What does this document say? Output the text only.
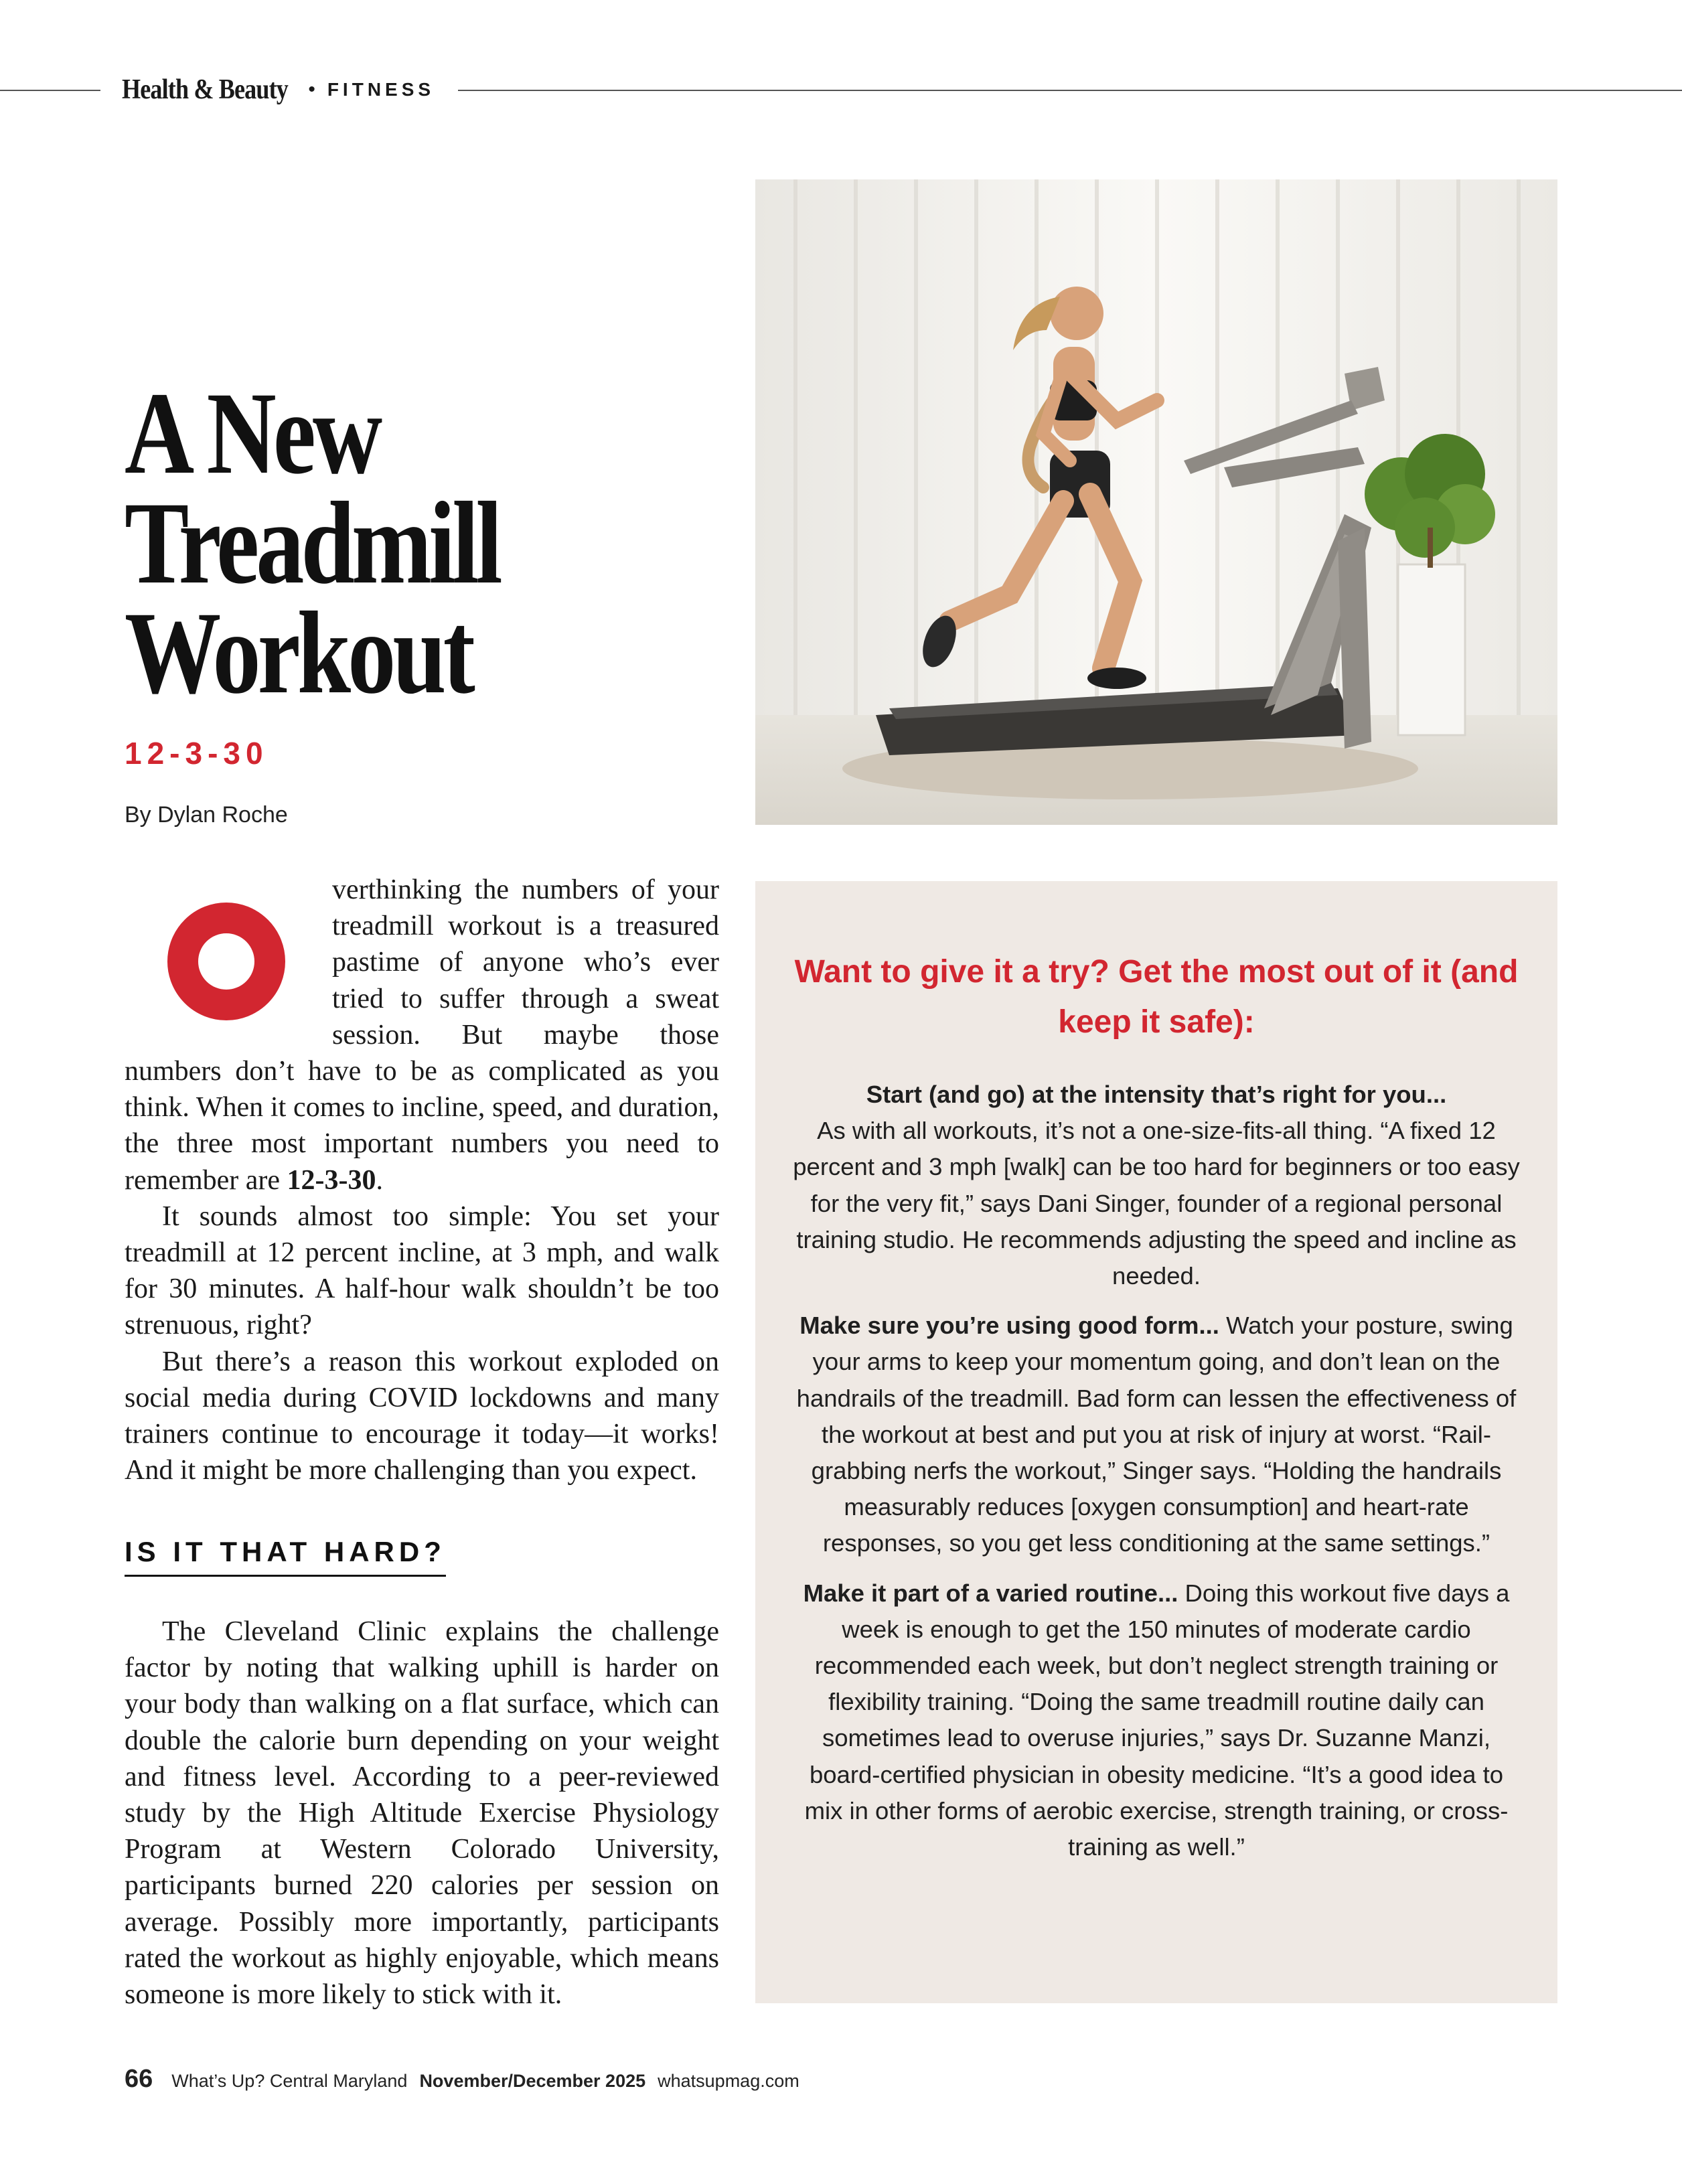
Health & Beauty • FITNESS
A New
Treadmill
Workout
12-3-30
By Dylan Roche

verthinking the numbers of your treadmill workout is a treasured pastime of anyone who’s ever tried to suffer through a sweat session. But maybe those numbers don’t have to be as complicated as you think. When it comes to incline, speed, and duration, the three most important numbers you need to remember are 12-3-30.

It sounds almost too simple: You set your treadmill at 12 percent incline, at 3 mph, and walk for 30 minutes. A half-hour walk shouldn’t be too strenuous, right?

But there’s a reason this workout exploded on social media during COVID lockdowns and many trainers continue to encourage it today—it works! And it might be more challenging than you expect.

IS IT THAT HARD?

The Cleveland Clinic explains the challenge factor by noting that walking uphill is harder on your body than walking on a flat surface, which can double the calorie burn depending on your weight and fitness level. According to a peer-reviewed study by the High Altitude Exercise Physiology Program at Western Colorado University, participants burned 220 calories per session on average. Possibly more importantly, participants rated the workout as highly enjoyable, which means someone is more likely to stick with it.

Want to give it a try? Get the most out of it (and keep it safe):

Start (and go) at the intensity that’s right for you...
As with all workouts, it’s not a one-size-fits-all thing. “A fixed 12 percent and 3 mph [walk] can be too hard for beginners or too easy for the very fit,” says Dani Singer, founder of a regional personal training studio. He recommends adjusting the speed and incline as needed.

Make sure you’re using good form... Watch your posture, swing your arms to keep your momentum going, and don’t lean on the handrails of the treadmill. Bad form can lessen the effectiveness of the workout at best and put you at risk of injury at worst. “Rail-grabbing nerfs the workout,” Singer says. “Holding the handrails measurably reduces [oxygen consumption] and heart-rate responses, so you get less conditioning at the same settings.”

Make it part of a varied routine... Doing this workout five days a week is enough to get the 150 minutes of moderate cardio recommended each week, but don’t neglect strength training or flexibility training. “Doing the same treadmill routine daily can sometimes lead to overuse injuries,” says Dr. Suzanne Manzi, board-certified physician in obesity medicine. “It’s a good idea to mix in other forms of aerobic exercise, strength training, or cross-training as well.”

66 What’s Up? Central Maryland November/December 2025 whatsupmag.com
